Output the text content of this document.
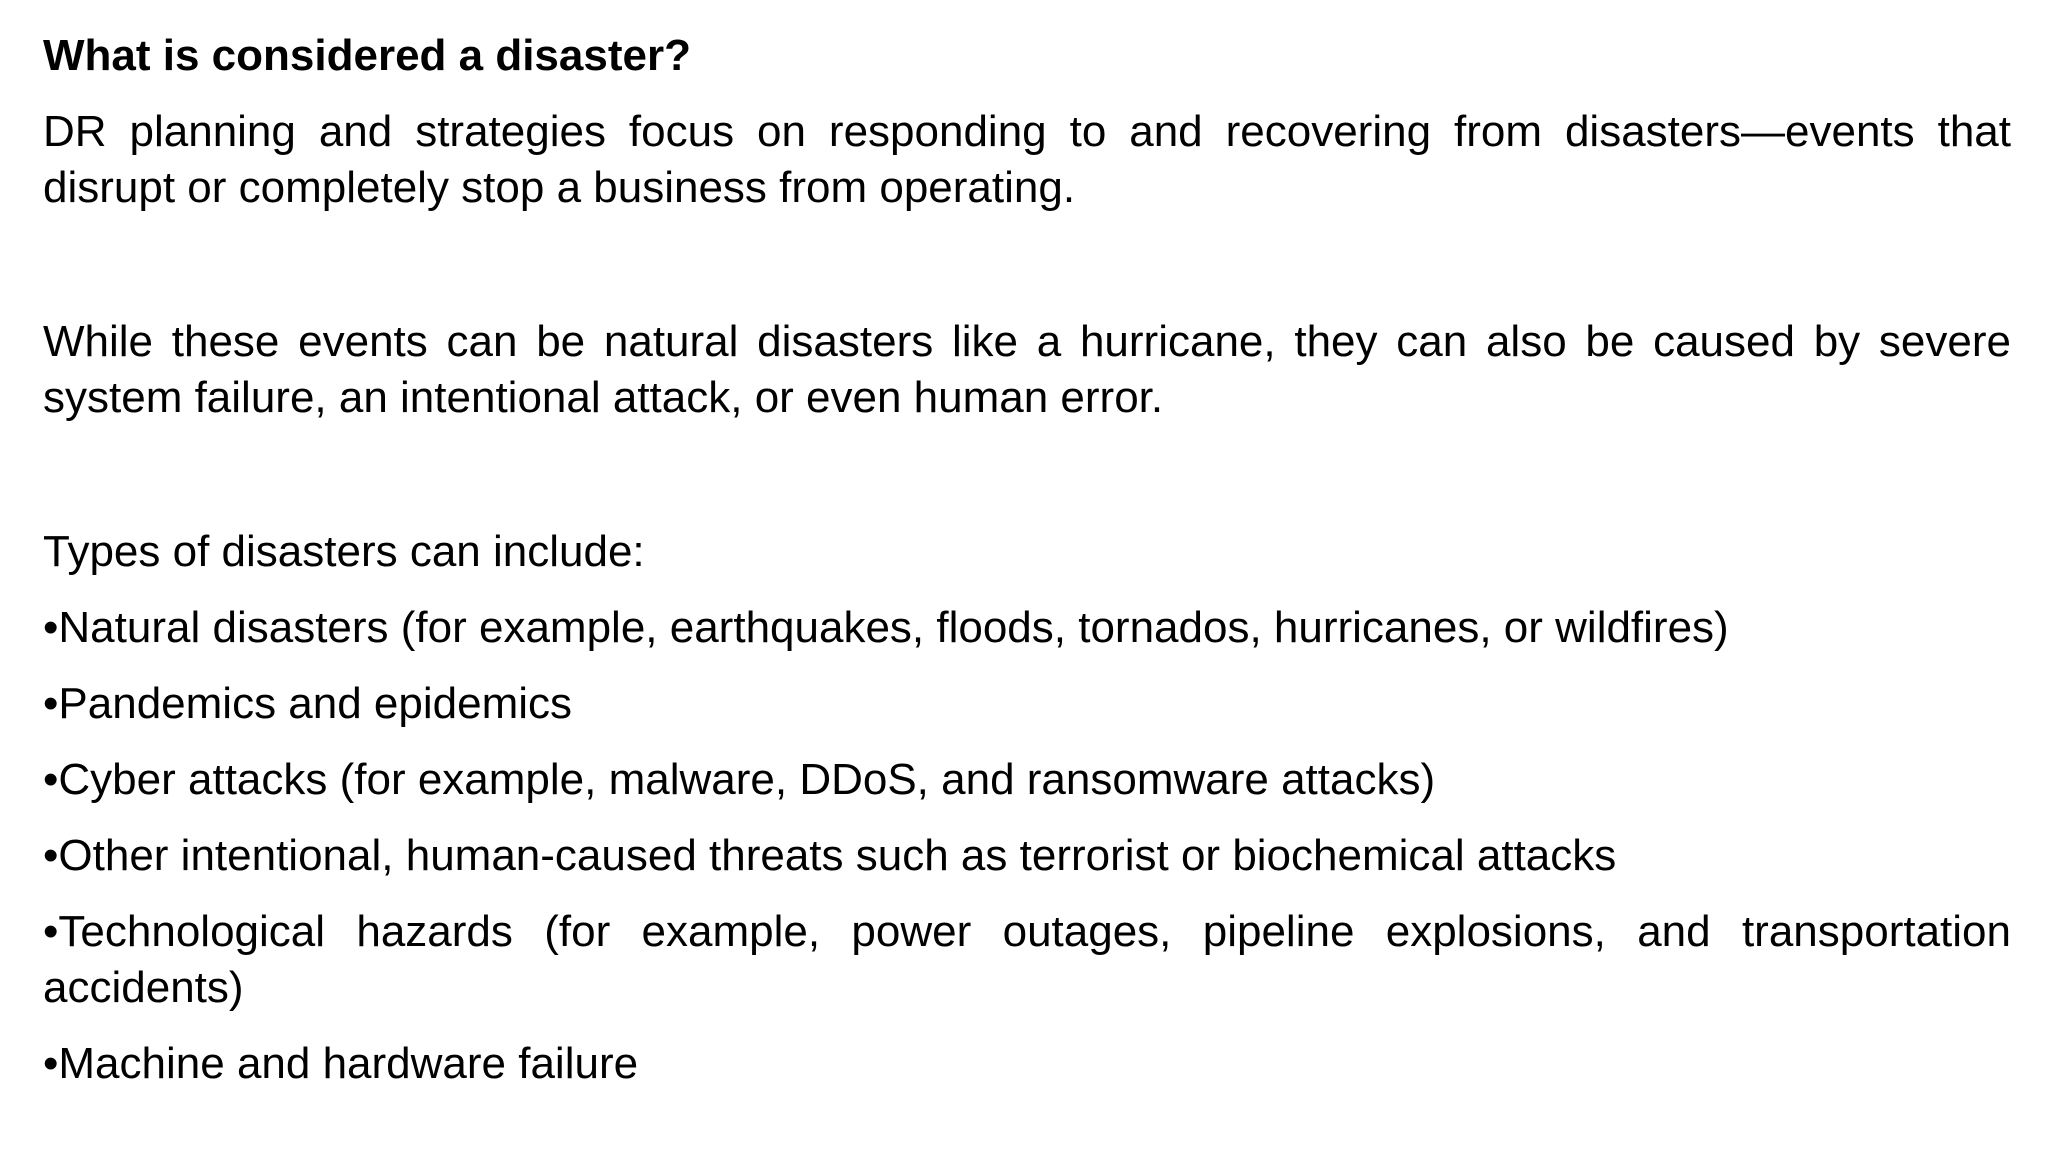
What is considered a disaster?

DR planning and strategies focus on responding to and recovering from disasters—events that disrupt or completely stop a business from operating.

While these events can be natural disasters like a hurricane, they can also be caused by severe system failure, an intentional attack, or even human error.

Types of disasters can include:
•Natural disasters (for example, earthquakes, floods, tornados, hurricanes, or wildfires)
•Pandemics and epidemics
•Cyber attacks (for example, malware, DDoS, and ransomware attacks)
•Other intentional, human-caused threats such as terrorist or biochemical attacks
•Technological hazards (for example, power outages, pipeline explosions, and transportation accidents)
•Machine and hardware failure
